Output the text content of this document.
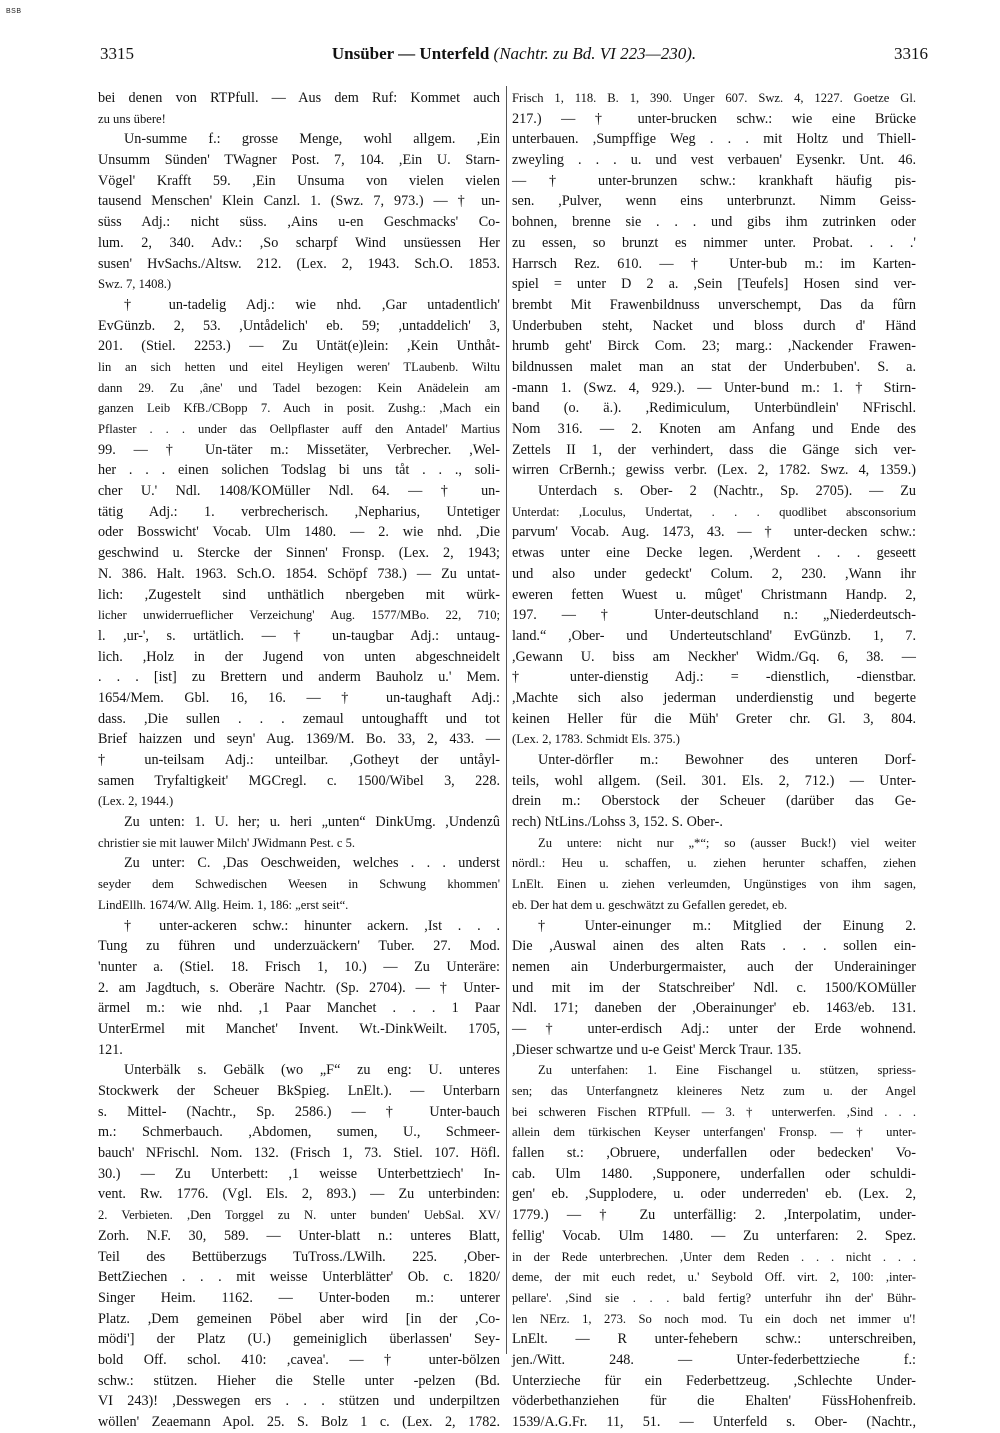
BSB
3315	Unsüber — Unterfeld (Nachtr. zu Bd. VI 223—230).	3316
bei denen von RTPfull. — Aus dem Ruf: Kommet auch
zu uns übere!
Un-summe f.: grosse Menge, wohl allgem. ,Ein
Unsumm Sünden' TWagner Post. 7, 104. ,Ein U. Starn-
Vögel' Krafft 59. ,Ein Unsuma von vielen vielen
tausend Menschen' Klein Canzl. 1. (Swz. 7, 973.) — † un-
süss Adj.: nicht süss. ,Ains u-en Geschmacks' Co-
lum. 2, 340. Adv.: ,So scharpf Wind unsüessen Her
susen' HvSachs./Altsw. 212. (Lex. 2, 1943. Sch.O. 1853.
Swz. 7, 1408.)
† un-tadelig Adj.: wie nhd. ,Gar untadentlich'
EvGünzb. 2, 53. ,Untådelich' eb. 59; ,untaddelich' 3,
201. (Stiel. 2253.) — Zu Untät(e)lein: ,Kein Unthåt-
lin an sich hetten und eitel Heyligen weren' TLaubenb. Wiltu
dann 29. Zu ,âne' und Tadel bezogen: Kein Anädelein am
ganzen Leib KfB./CBopp 7. Auch in posit. Zushg.: ,Mach ein
Pflaster . . . under das Oellpflaster auff den Antadel' Martius
99. — † Un-täter m.: Missetäter, Verbrecher. ,Wel-
her . . . einen solichen Todslag bi uns tåt . . ., soli-
cher U.' Ndl. 1408/KOMüller Ndl. 64. — † un-
tätig Adj.: 1. verbrecherisch. ,Nepharius, Untetiger
oder Bosswicht' Vocab. Ulm 1480. — 2. wie nhd. ,Die
geschwind u. Stercke der Sinnen' Fronsp. (Lex. 2, 1943;
N. 386. Halt. 1963. Sch.O. 1854. Schöpf 738.) — Zu untat-
lich: ,Zugestelt sind unthätlich nbergeben mit würk-
licher unwiderrueflicher Verzeichung' Aug. 1577/MBo. 22, 710;
l. ,ur-', s. urtätlich. — † un-taugbar Adj.: untaug-
lich. ,Holz in der Jugend von unten abgeschneidelt
. . . [ist] zu Brettern und anderm Bauholz u.' Mem.
1654/Mem. Gbl. 16, 16. — † un-taughaft Adj.:
dass. ,Die sullen . . . zemaul untoughafft und tot
Brief haizzen und seyn' Aug. 1369/M. Bo. 33, 2, 433. —
† un-teilsam Adj.: unteilbar. ,Gotheyt der untåyl-
samen Tryfaltigkeit' MGCregl. c. 1500/Wibel 3, 228.
(Lex. 2, 1944.)
Zu unten: 1. U. her; u. heri „unten“ DinkUmg. ,Undenzû
christier sie mit lauwer Milch' JWidmann Pest. c 5.
Zu unter: C. ,Das Oeschweiden, welches . . . underst
seyder dem Schwedischen Weesen in Schwung khommen'
LindEllh. 1674/W. Allg. Heim. 1, 186: „erst seit“.
† unter-ackeren schw.: hinunter ackern. ,Ist . . .
Tung zu führen und underzuäckern' Tuber. 27. Mod.
'nunter a. (Stiel. 18. Frisch 1, 10.) — Zu Unteräre:
2. am Jagdtuch, s. Oberäre Nachtr. (Sp. 2704). — † Unter-
ärmel m.: wie nhd. ,1 Paar Manchet . . . 1 Paar
UnterErmel mit Manchet' Invent. Wt.-DinkWeilt. 1705,
121.
Unterbälk s. Gebälk (wo „F“ zu eng: U. unteres
Stockwerk der Scheuer BkSpieg. LnElt.). — Unterbarn
s. Mittel- (Nachtr., Sp. 2586.) — † Unter-bauch
m.: Schmerbauch. ,Abdomen, sumen, U., Schmeer-
bauch' NFrischl. Nom. 132. (Frisch 1, 73. Stiel. 107. Höfl.
30.) — Zu Unterbett: ,1 weisse Unterbettziech' In-
vent. Rw. 1776. (Vgl. Els. 2, 893.) — Zu unterbinden:
2. Verbieten. ,Den Torggel zu N. unter bunden' UebSal. XV/
Zorh. N.F. 30, 589. — Unter-blatt n.: unteres Blatt,
Teil des Bettüberzugs TuTross./LWilh. 225. ,Ober-
BettZiechen . . . mit weisse Unterblätter' Ob. c. 1820/
Singer Heim. 1162. — Unter-boden m.: unterer
Platz. ,Dem gemeinen Pöbel aber wird [in der ,Co-
mödi'] der Platz (U.) gemeiniglich überlassen' Sey-
bold Off. schol. 410: ,cavea'. — † unter-bölzen
schw.: stützen. Hieher die Stelle unter -pelzen (Bd.
VI 243)! ,Desswegen ers . . . stützen und underpiltzen
wöllen' Zeaemann Apol. 25. S. Bolz 1 c. (Lex. 2, 1782.
Frisch 1, 118. B. 1, 390. Unger 607. Swz. 4, 1227. Goetze Gl.
217.) — † unter-brucken schw.: wie eine Brücke
unterbauen. ,Sumpffige Weg . . . mit Holtz und Thiell-
zweyling . . . u. und vest verbauen' Eysenkr. Unt. 46.
— † unter-brunzen schw.: krankhaft häufig pis-
sen. ,Pulver, wenn eins unterbrunzt. Nimm Geiss-
bohnen, brenne sie . . . und gibs ihm zutrinken oder
zu essen, so brunzt es nimmer unter. Probat. . . .'
Harrsch Rez. 610. — † Unter-bub m.: im Karten-
spiel = unter D 2 a. ,Sein [Teufels] Hosen sind ver-
brembt Mit Frawenbildnuss unverschempt, Das da fûrn
Underbuben steht, Nacket und bloss durch d' Händ
hrumb geht' Birck Com. 23; marg.: ,Nackender Frawen-
bildnussen malet man an stat der Underbuben'. S. a.
-mann 1. (Swz. 4, 929.). — Unter-bund m.: 1. † Stirn-
band (o. ä.). ,Redimiculum, Unterbündlein' NFrischl.
Nom 316. — 2. Knoten am Anfang und Ende des
Zettels II 1, der verhindert, dass die Gänge sich ver-
wirren CrBernh.; gewiss verbr. (Lex. 2, 1782. Swz. 4, 1359.)
Unterdach s. Ober- 2 (Nachtr., Sp. 2705). — Zu
Unterdat: ,Loculus, Undertat, . . . quodlibet absconsorium
parvum' Vocab. Aug. 1473, 43. — † unter-decken schw.:
etwas unter eine Decke legen. ,Werdent . . . geseett
und also under gedeckt' Colum. 2, 230. ,Wann ihr
eweren fetten Wuest u. mûget' Christmann Handp. 2,
197. — † Unter-deutschland n.: „Niederdeutsch-
land.“ ,Ober- und Underteutschland' EvGünzb. 1, 7.
,Gewann U. biss am Neckher' Widm./Gq. 6, 38. —
† unter-dienstig Adj.: = -dienstlich, -dienstbar.
,Machte sich also jederman underdienstig und begerte
keinen Heller für die Müh' Greter chr. Gl. 3, 804.
(Lex. 2, 1783. Schmidt Els. 375.)
Unter-dörfler m.: Bewohner des unteren Dorf-
teils, wohl allgem. (Seil. 301. Els. 2, 712.) — Unter-
drein m.: Oberstock der Scheuer (darüber das Ge-
rech) NtLins./Lohss 3, 152. S. Ober-.
Zu untere: nicht nur „*“; so (ausser Buck!) viel weiter
nördl.: Heu u. schaffen, u. ziehen herunter schaffen, ziehen
LnElt. Einen u. ziehen verleumden, Ungünstiges von ihm sagen,
eb. Der hat dem u. geschwätzt zu Gefallen geredet, eb.
† Unter-einunger m.: Mitglied der Einung 2.
Die ,Auswal ainen des alten Rats . . . sollen ein-
nemen ain Underburgermaister, auch der Underaininger
und mit im der Statschreiber' Ndl. c. 1500/KOMüller
Ndl. 171; daneben der ,Oberainunger' eb. 1463/eb. 131.
— † unter-erdisch Adj.: unter der Erde wohnend.
,Dieser schwartze und u-e Geist' Merck Traur. 135.
Zu unterfahen: 1. Eine Fischangel u. stützen, spriess-
sen; das Unterfangnetz kleineres Netz zum u. der Angel
bei schweren Fischen RTPfull. — 3. † unterwerfen. ,Sind . . .
allein dem türkischen Keyser unterfangen' Fronsp. — † unter-
fallen st.: ,Obruere, underfallen oder bedecken' Vo-
cab. Ulm 1480. ,Supponere, underfallen oder schuldi-
gen' eb. ,Supplodere, u. oder underreden' eb. (Lex. 2,
1779.) — † Zu unterfällig: 2. ,Interpolatim, under-
fellig' Vocab. Ulm 1480. — Zu unterfaren: 2. Spez.
in der Rede unterbrechen. ,Unter dem Reden . . . nicht . . .
deme, der mit euch redet, u.' Seybold Off. virt. 2, 100: ,inter-
pellare'. ,Sind sie . . . bald fertig? unterfuhr ihn der' Bühr-
len NErz. 1, 273. So noch mod. Tu ein doch net immer u'!
LnElt. — R unter-fehebern schw.: unterschreiben,
jen./Witt. 248. — Unter-federbettzieche f.:
Unterzieche für ein Federbettzeug. ,Schlechte Under-
vöderbethanziehen für die Ehalten' FüssHohenfreib.
1539/A.G.Fr. 11, 51. — Unterfeld s. Ober- (Nachtr.,
